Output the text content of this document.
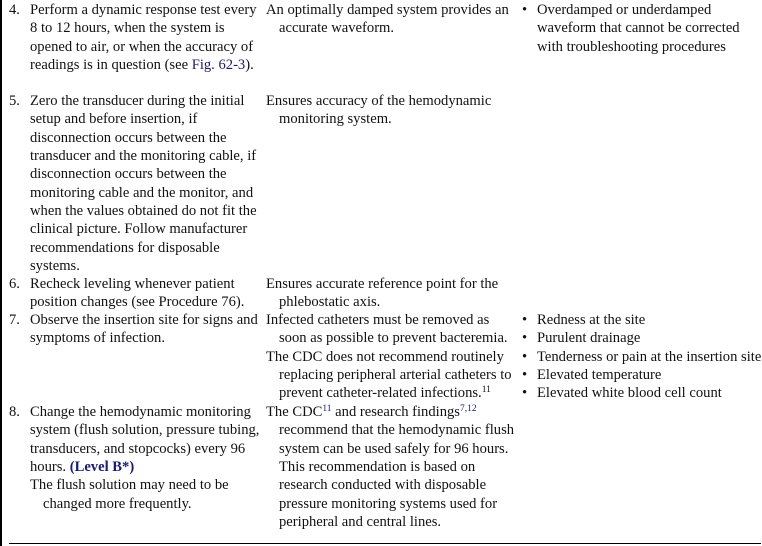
4. Perform a dynamic response test every 8 to 12 hours, when the system is opened to air, or when the accuracy of readings is in question (see Fig. 62-3).
5. Zero the transducer during the initial setup and before insertion, if disconnection occurs between the transducer and the monitoring cable, if disconnection occurs between the monitoring cable and the monitor, and when the values obtained do not fit the clinical picture. Follow manufacturer recommendations for disposable systems.
6. Recheck leveling whenever patient position changes (see Procedure 76).
7. Observe the insertion site for signs and symptoms of infection.
8. Change the hemodynamic monitoring system (flush solution, pressure tubing, transducers, and stopcocks) every 96 hours. (Level B*)
The flush solution may need to be changed more frequently.

An optimally damped system provides an accurate waveform.

Ensures accuracy of the hemodynamic monitoring system.

Ensures accurate reference point for the phlebostatic axis.

Infected catheters must be removed as soon as possible to prevent bacteremia.

The CDC does not recommend routinely replacing peripheral arterial catheters to prevent catheter-related infections.$^{11}$

The CDC$^{11}$ and research findings$^{7,12}$ recommend that the hemodynamic flush system can be used safely for 96 hours. This recommendation is based on research conducted with disposable pressure monitoring systems used for peripheral and central lines.

• Overdamped or underdamped waveform that cannot be corrected with troubleshooting procedures
• Redness at the site
• Purulent drainage
• Tenderness or pain at the insertion site
• Elevated temperature
• Elevated white blood cell count
